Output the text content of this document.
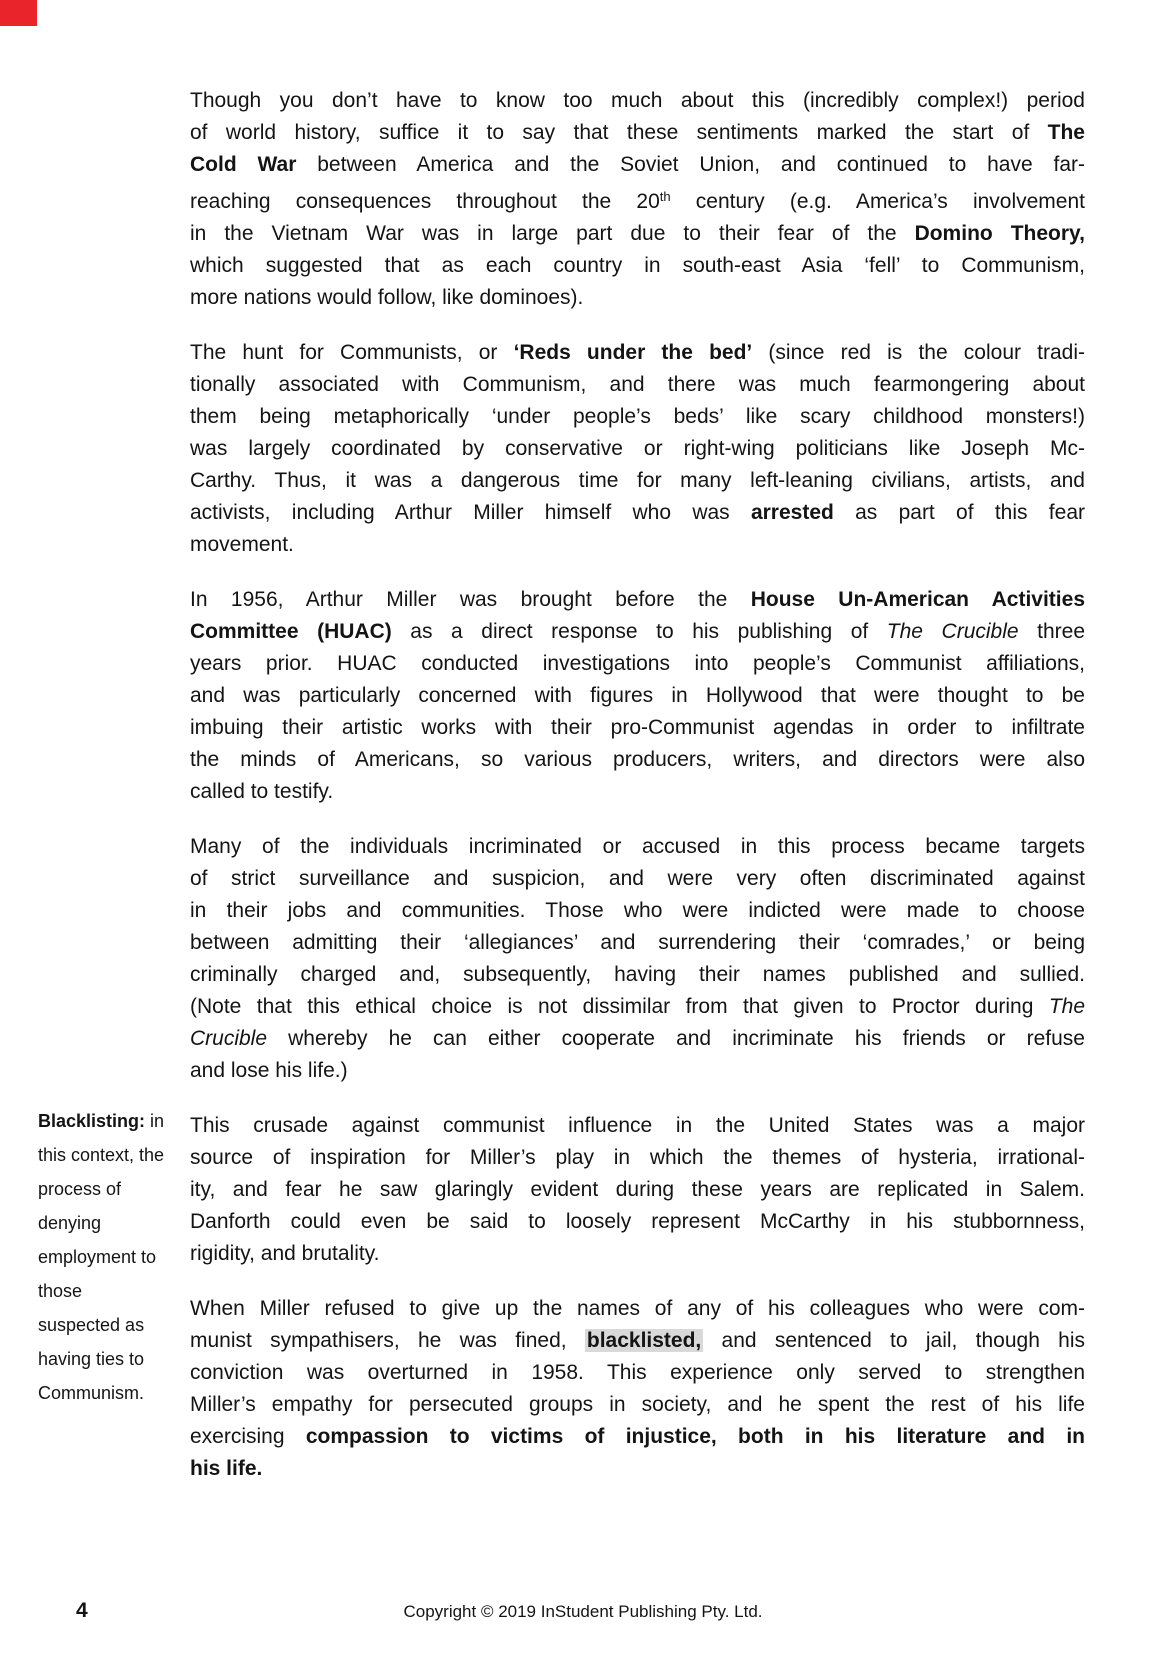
Though you don’t have to know too much about this (incredibly complex!) period
of world history, suffice it to say that these sentiments marked the start of The
Cold War between America and the Soviet Union, and continued to have far-
reaching consequences throughout the 20th century (e.g. America’s involvement
in the Vietnam War was in large part due to their fear of the Domino Theory,
which suggested that as each country in south-east Asia ‘fell’ to Communism,
more nations would follow, like dominoes).
The hunt for Communists, or ‘Reds under the bed’ (since red is the colour tradi-
tionally associated with Communism, and there was much fearmongering about
them being metaphorically ‘under people’s beds’ like scary childhood monsters!)
was largely coordinated by conservative or right-wing politicians like Joseph Mc-
Carthy. Thus, it was a dangerous time for many left-leaning civilians, artists, and
activists, including Arthur Miller himself who was arrested as part of this fear
movement.
In 1956, Arthur Miller was brought before the House Un-American Activities
Committee (HUAC) as a direct response to his publishing of The Crucible three
years prior. HUAC conducted investigations into people’s Communist affiliations,
and was particularly concerned with figures in Hollywood that were thought to be
imbuing their artistic works with their pro-Communist agendas in order to infiltrate
the minds of Americans, so various producers, writers, and directors were also
called to testify.
Many of the individuals incriminated or accused in this process became targets
of strict surveillance and suspicion, and were very often discriminated against
in their jobs and communities. Those who were indicted were made to choose
between admitting their ‘allegiances’ and surrendering their ‘comrades,’ or being
criminally charged and, subsequently, having their names published and sullied.
(Note that this ethical choice is not dissimilar from that given to Proctor during The
Crucible whereby he can either cooperate and incriminate his friends or refuse
and lose his life.)
This crusade against communist influence in the United States was a major
source of inspiration for Miller’s play in which the themes of hysteria, irrational-
ity, and fear he saw glaringly evident during these years are replicated in Salem.
Danforth could even be said to loosely represent McCarthy in his stubbornness,
rigidity, and brutality.
When Miller refused to give up the names of any of his colleagues who were com-
munist sympathisers, he was fined, blacklisted, and sentenced to jail, though his
conviction was overturned in 1958. This experience only served to strengthen
Miller’s empathy for persecuted groups in society, and he spent the rest of his life
exercising compassion to victims of injustice, both in his literature and in
his life.
Blacklisting: in
this context, the
process of
denying
employment to
those
suspected as
having ties to
Communism.
4	Copyright © 2019 InStudent Publishing Pty. Ltd.
